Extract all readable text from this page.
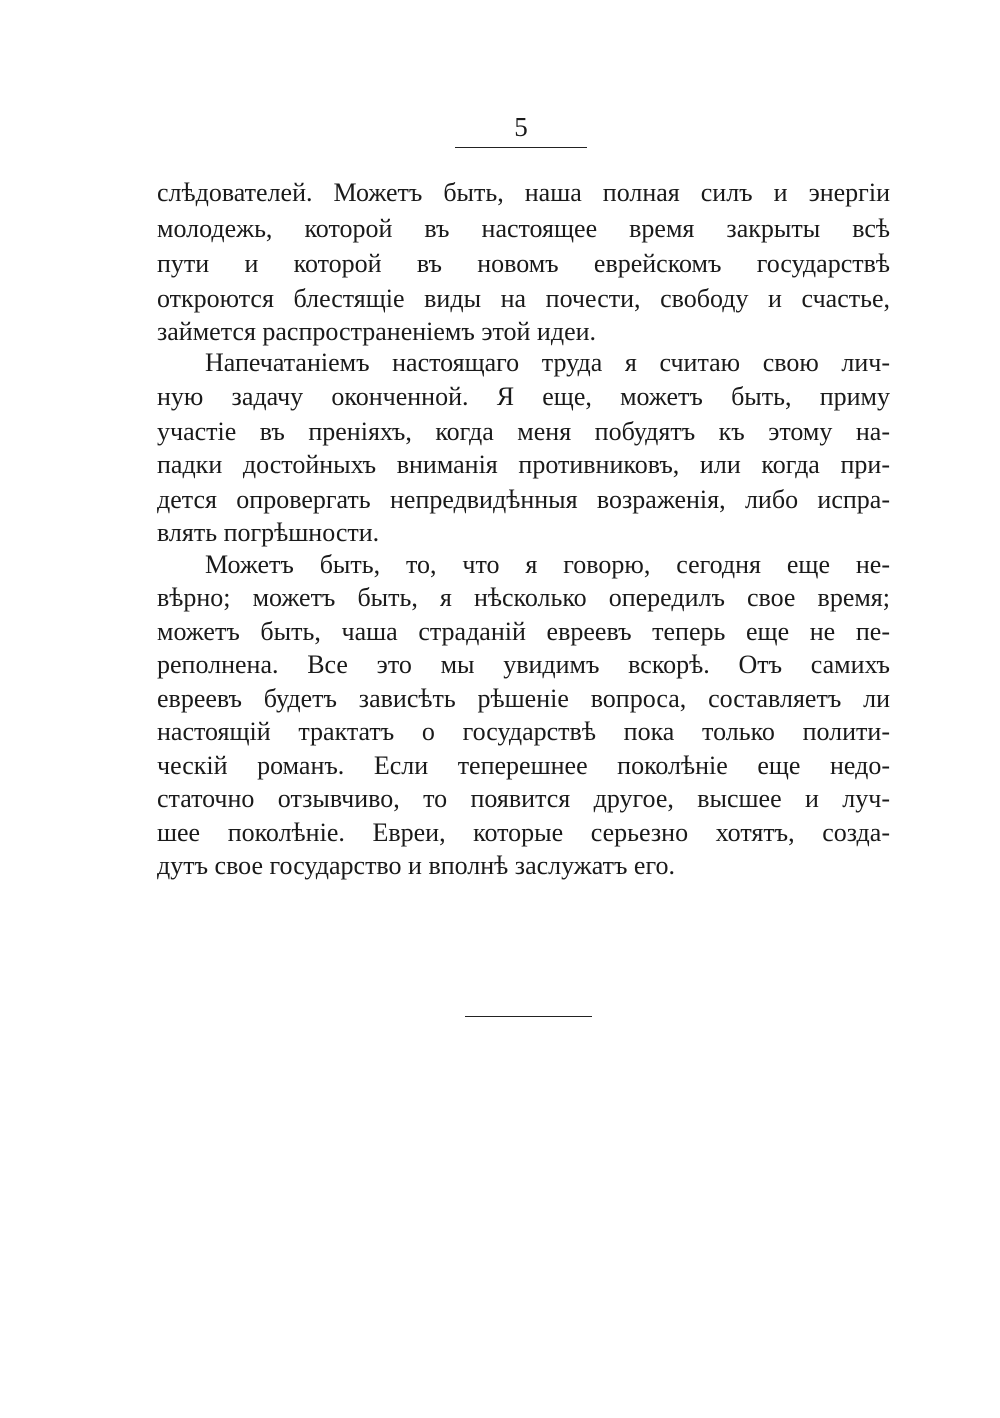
5
слѣдователей. Можетъ быть, наша полная силъ и энергіи
молодежь, которой въ настоящее время закрыты всѣ
пути и которой въ новомъ еврейскомъ государствѣ
откроются блестящіе виды на почести, свободу и счастье,
займется распространеніемъ этой идеи.
Напечатаніемъ настоящаго труда я считаю свою лич-
ную задачу оконченной. Я еще, можетъ быть, приму
участіе въ преніяхъ, когда меня побудятъ къ этому на-
падки достойныхъ вниманія противниковъ, или когда при-
дется опровергать непредвидѣнныя возраженія, либо испра-
влять погрѣшности.
Можетъ быть, то, что я говорю, сегодня еще не-
вѣрно; можетъ быть, я нѣсколько опередилъ свое время;
можетъ быть, чаша страданій евреевъ теперь еще не пе-
реполнена. Все это мы увидимъ вскорѣ. Отъ самихъ
евреевъ будетъ зависѣть рѣшеніе вопроса, составляетъ ли
настоящій трактатъ о государствѣ пока только полити-
ческій романъ. Если теперешнее поколѣніе еще недо-
статочно отзывчиво, то появится другое, высшее и луч-
шее поколѣніе. Евреи, которые серьезно хотятъ, созда-
дутъ свое государство и вполнѣ заслужатъ его.
